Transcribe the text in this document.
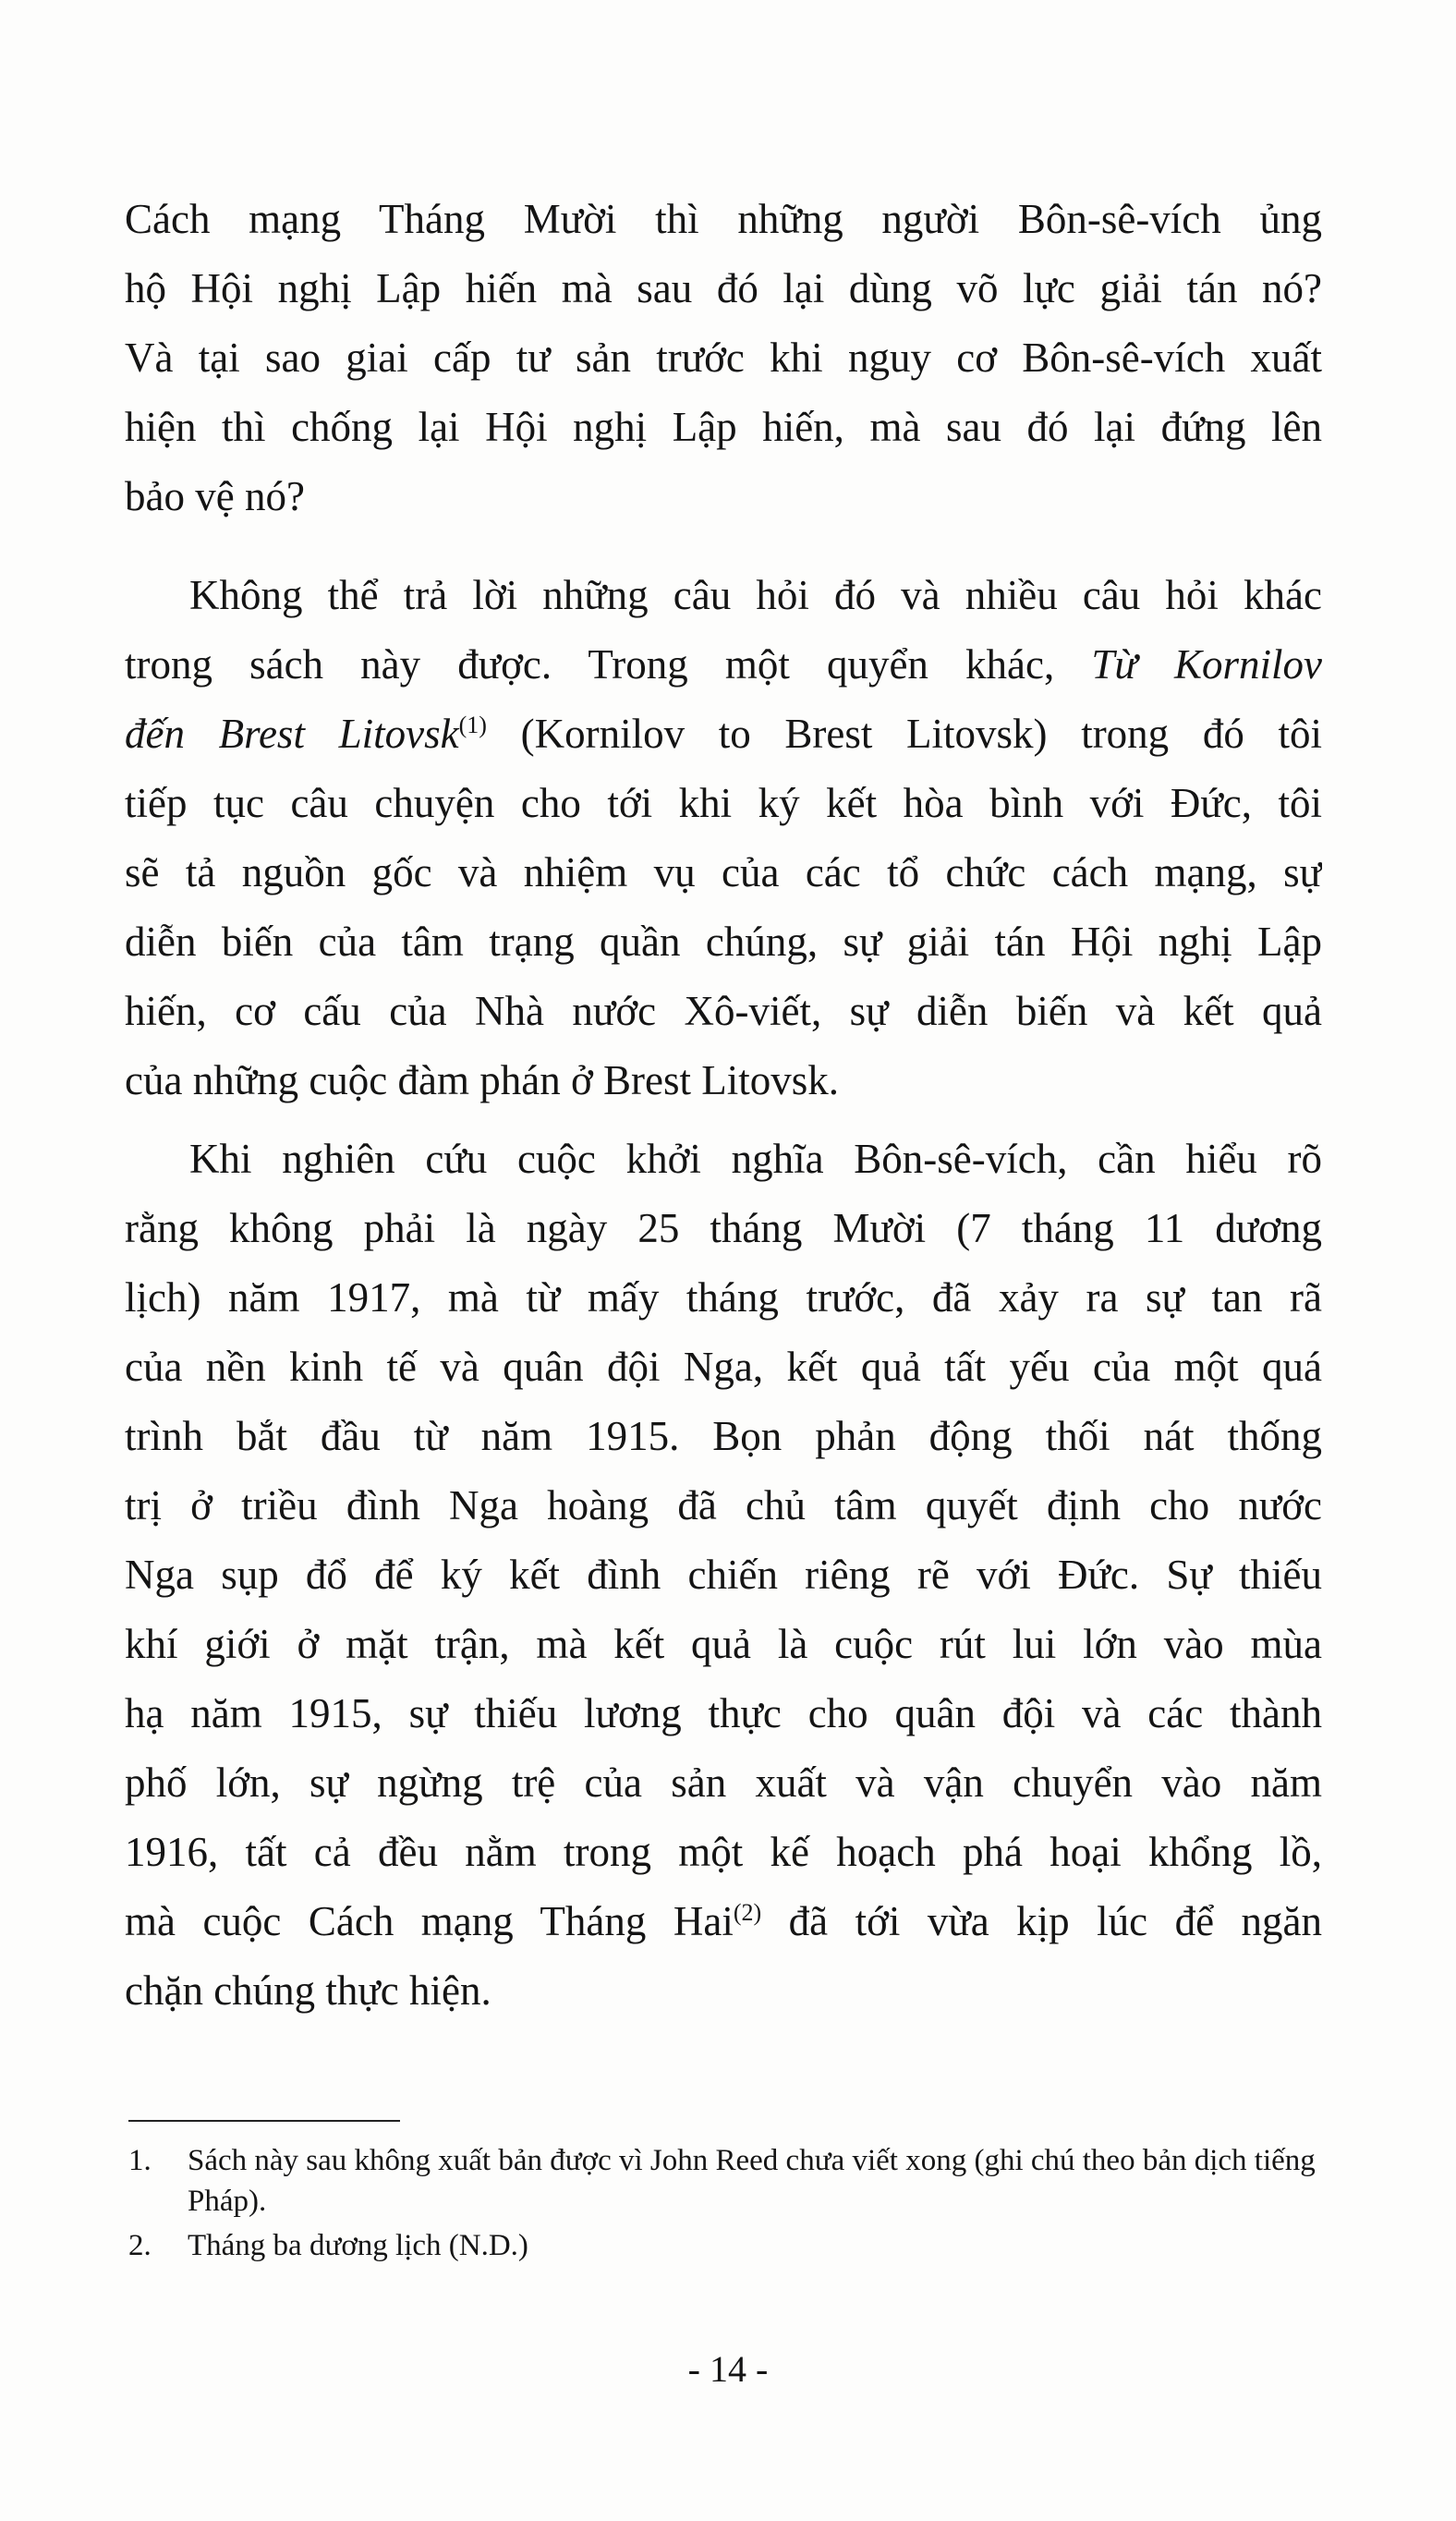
Cách mạng Tháng Mười thì những người Bôn-sê-vích ủng
hộ Hội nghị Lập hiến mà sau đó lại dùng võ lực giải tán nó?
Và tại sao giai cấp tư sản trước khi nguy cơ Bôn-sê-vích xuất
hiện thì chống lại Hội nghị Lập hiến, mà sau đó lại đứng lên
bảo vệ nó?
Không thể trả lời những câu hỏi đó và nhiều câu hỏi khác
trong sách này được. Trong một quyển khác, Từ Kornilov
đến Brest Litovsk$^{(1)}$ (Kornilov to Brest Litovsk) trong đó tôi
tiếp tục câu chuyện cho tới khi ký kết hòa bình với Đức, tôi
sẽ tả nguồn gốc và nhiệm vụ của các tổ chức cách mạng, sự
diễn biến của tâm trạng quần chúng, sự giải tán Hội nghị Lập
hiến, cơ cấu của Nhà nước Xô-viết, sự diễn biến và kết quả
của những cuộc đàm phán ở Brest Litovsk.
Khi nghiên cứu cuộc khởi nghĩa Bôn-sê-vích, cần hiểu rõ
rằng không phải là ngày 25 tháng Mười (7 tháng 11 dương
lịch) năm 1917, mà từ mấy tháng trước, đã xảy ra sự tan rã
của nền kinh tế và quân đội Nga, kết quả tất yếu của một quá
trình bắt đầu từ năm 1915. Bọn phản động thối nát thống
trị ở triều đình Nga hoàng đã chủ tâm quyết định cho nước
Nga sụp đổ để ký kết đình chiến riêng rẽ với Đức. Sự thiếu
khí giới ở mặt trận, mà kết quả là cuộc rút lui lớn vào mùa
hạ năm 1915, sự thiếu lương thực cho quân đội và các thành
phố lớn, sự ngừng trệ của sản xuất và vận chuyển vào năm
1916, tất cả đều nằm trong một kế hoạch phá hoại khổng lồ,
mà cuộc Cách mạng Tháng Hai$^{(2)}$ đã tới vừa kịp lúc để ngăn
chặn chúng thực hiện.
1. Sách này sau không xuất bản được vì John Reed chưa viết xong (ghi chú theo bản dịch tiếng Pháp).
2. Tháng ba dương lịch (N.D.)
- 14 -
